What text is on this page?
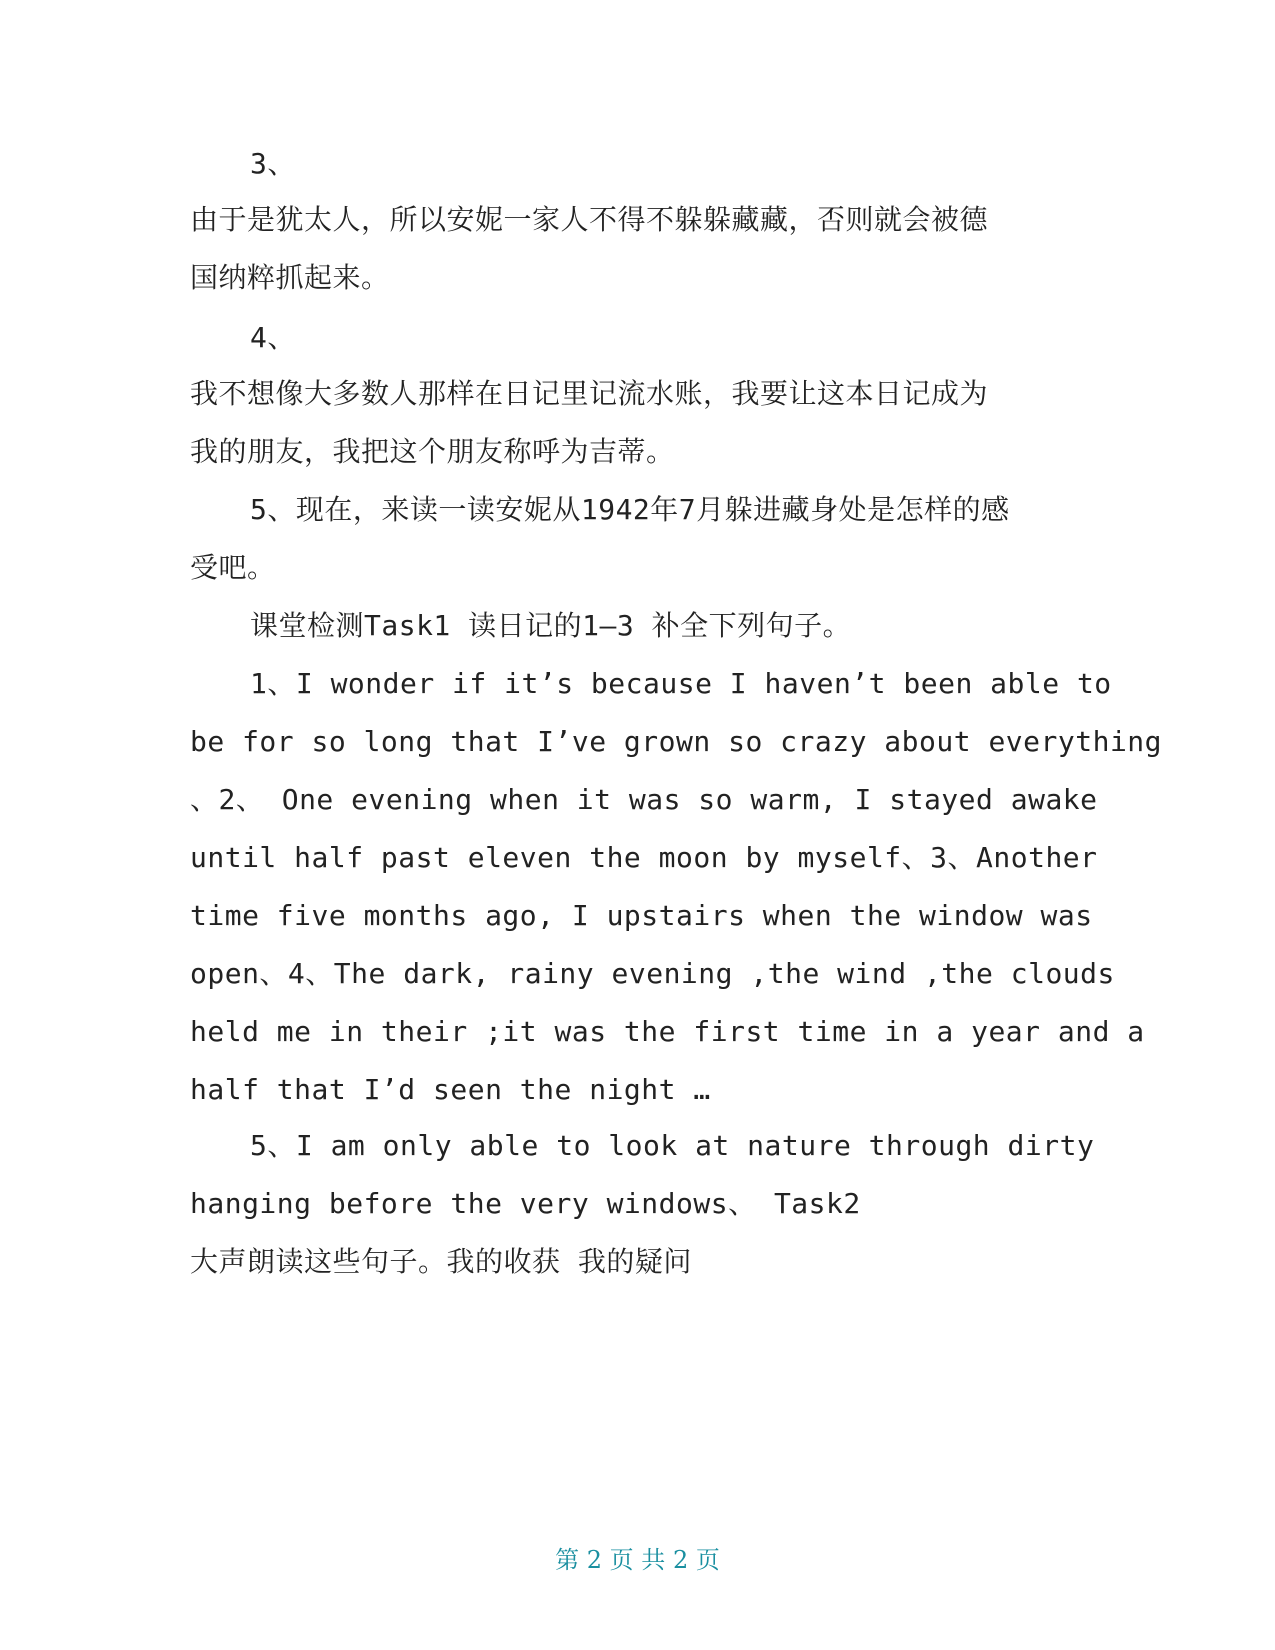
3、
由于是犹太人，所以安妮一家人不得不躲躲藏藏，否则就会被德
国纳粹抓起来。
4、
我不想像大多数人那样在日记里记流水账，我要让这本日记成为
我的朋友，我把这个朋友称呼为吉蒂。
5、现在，来读一读安妮从1942年7月躲进藏身处是怎样的感
受吧。
课堂检测Task1 读日记的1—3 补全下列句子。
1、I wonder if it’s because I haven’t been able to
be for so long that I’ve grown so crazy about everything
、2、 One evening when it was so warm, I stayed awake
until half past eleven the moon by myself、3、Another
time five months ago, I upstairs when the window was
open、4、The dark, rainy evening ,the wind ,the clouds
held me in their ;it was the first time in a year and a
half that I’d seen the night …
5、I am only able to look at nature through dirty
hanging before the very windows、 Task2
大声朗读这些句子。我的收获 我的疑问
第 2 页 共 2 页
